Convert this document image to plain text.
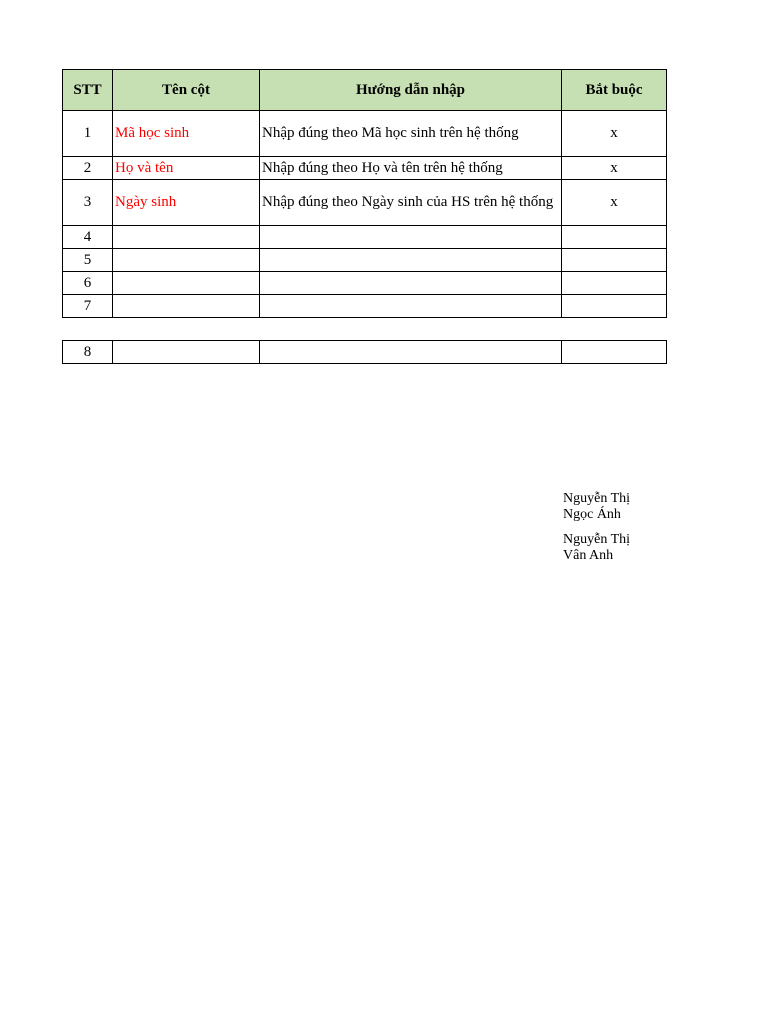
STT	Tên cột	Hướng dẫn nhập	Bắt buộc
1	Mã học sinh	Nhập đúng theo Mã học sinh trên hệ thống	x
2	Họ và tên	Nhập đúng theo Họ và tên trên hệ thống	x
3	Ngày sinh	Nhập đúng theo Ngày sinh của HS trên hệ thống	x
4			
5			
6			
7			
8			
Nguyễn Thị Ngọc Ánh
Nguyễn Thị Vân Anh
